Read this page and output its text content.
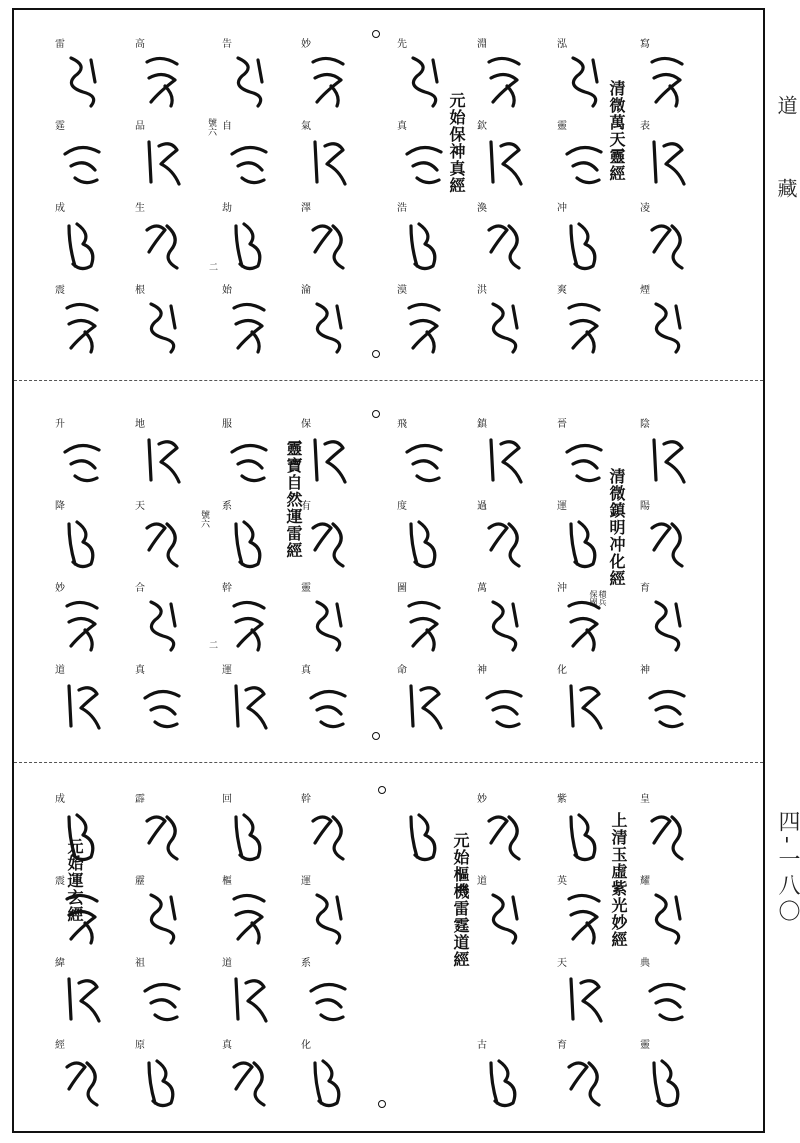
道
藏
四-一八〇
清微萬天靈經
元始保神真經
清微鎮明冲化經
積兵
保國
靈寶自然運雷經
上清玉虛紫光妙經
元始樞機雷霆道經
元始運玄經
號六
二
號六
二
寫
表
凌
煙
泓
靈
冲
爽
淵
欽
渙
洪
先
真
浩
漠
妙
氣
澤
淪
告
自
劫
始
高
品
生
根
雷
霆
成
震
陰
陽
育
神
晉
運
沖
化
鎮
過
萬
神
飛
度
圖
命
保
有
靈
真
服
系
幹
運
地
天
合
真
升
降
妙
道
皇
耀
典
靈
紫
英
天
育
妙
道
古
幹
運
系
化
回
樞
道
真
霹
靂
祖
原
成
震
緯
經
